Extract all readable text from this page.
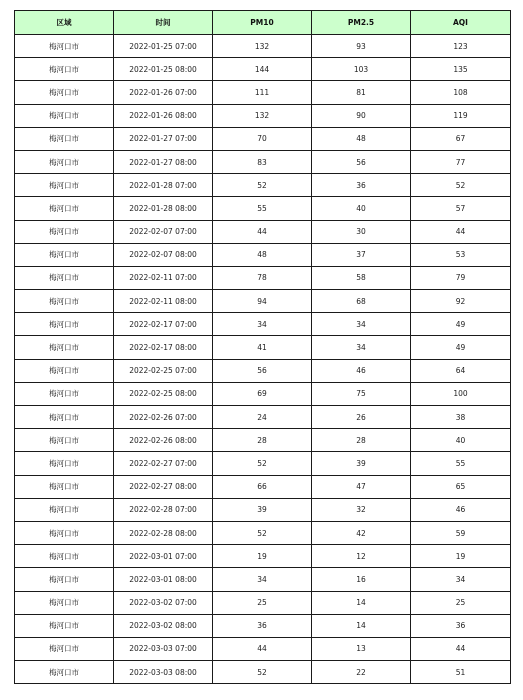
区域	时间	PM10	PM2.5	AQI
梅河口市	2022-01-25 07:00	132	93	123
梅河口市	2022-01-25 08:00	144	103	135
梅河口市	2022-01-26 07:00	111	81	108
梅河口市	2022-01-26 08:00	132	90	119
梅河口市	2022-01-27 07:00	70	48	67
梅河口市	2022-01-27 08:00	83	56	77
梅河口市	2022-01-28 07:00	52	36	52
梅河口市	2022-01-28 08:00	55	40	57
梅河口市	2022-02-07 07:00	44	30	44
梅河口市	2022-02-07 08:00	48	37	53
梅河口市	2022-02-11 07:00	78	58	79
梅河口市	2022-02-11 08:00	94	68	92
梅河口市	2022-02-17 07:00	34	34	49
梅河口市	2022-02-17 08:00	41	34	49
梅河口市	2022-02-25 07:00	56	46	64
梅河口市	2022-02-25 08:00	69	75	100
梅河口市	2022-02-26 07:00	24	26	38
梅河口市	2022-02-26 08:00	28	28	40
梅河口市	2022-02-27 07:00	52	39	55
梅河口市	2022-02-27 08:00	66	47	65
梅河口市	2022-02-28 07:00	39	32	46
梅河口市	2022-02-28 08:00	52	42	59
梅河口市	2022-03-01 07:00	19	12	19
梅河口市	2022-03-01 08:00	34	16	34
梅河口市	2022-03-02 07:00	25	14	25
梅河口市	2022-03-02 08:00	36	14	36
梅河口市	2022-03-03 07:00	44	13	44
梅河口市	2022-03-03 08:00	52	22	51
